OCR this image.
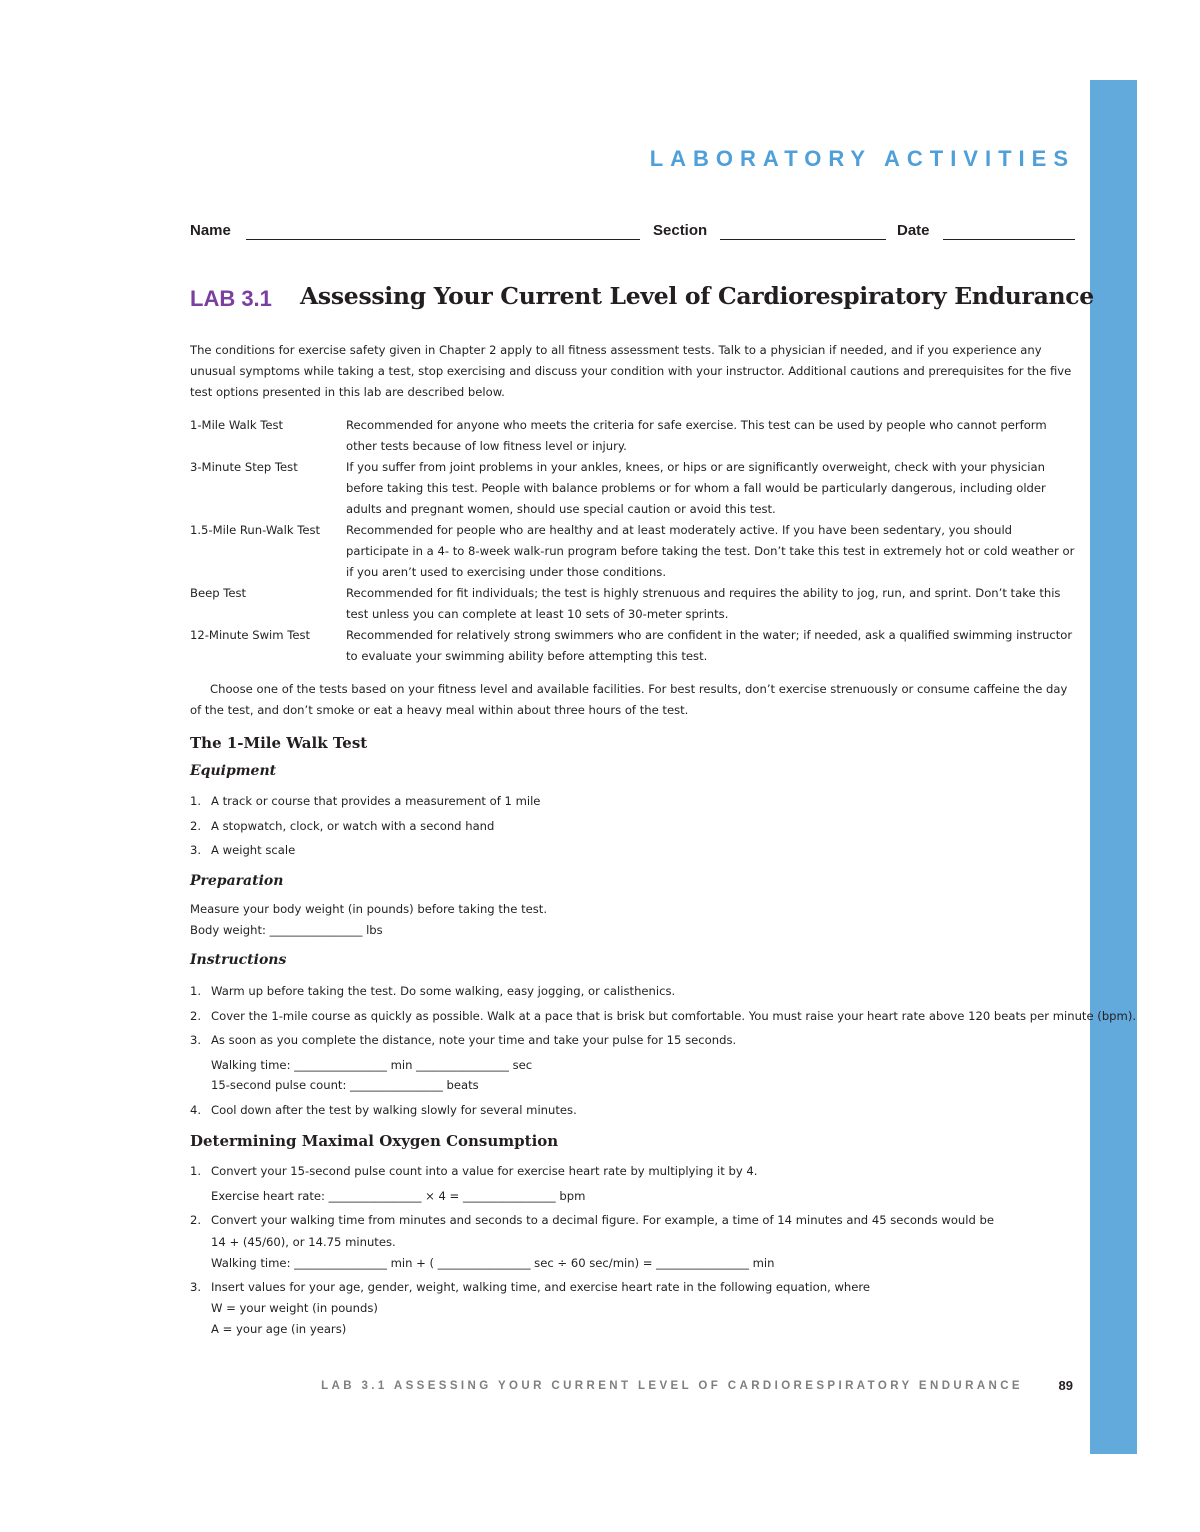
LABORATORY ACTIVITIES
Name	Section	Date
LAB 3.1 Assessing Your Current Level of Cardiorespiratory Endurance
The conditions for exercise safety given in Chapter 2 apply to all fitness assessment tests. Talk to a physician if needed, and if you experience any unusual symptoms while taking a test, stop exercising and discuss your condition with your instructor. Additional cautions and prerequisites for the five test options presented in this lab are described below.
1-Mile Walk Test	Recommended for anyone who meets the criteria for safe exercise. This test can be used by people who cannot perform other tests because of low fitness level or injury.
3-Minute Step Test	If you suffer from joint problems in your ankles, knees, or hips or are significantly overweight, check with your physician before taking this test. People with balance problems or for whom a fall would be particularly dangerous, including older adults and pregnant women, should use special caution or avoid this test.
1.5-Mile Run-Walk Test Recommended for people who are healthy and at least moderately active. If you have been sedentary, you should participate in a 4- to 8-week walk-run program before taking the test. Don’t take this test in extremely hot or cold weather or if you aren’t used to exercising under those conditions.
Beep Test	Recommended for fit individuals; the test is highly strenuous and requires the ability to jog, run, and sprint. Don’t take this test unless you can complete at least 10 sets of 30-meter sprints.
12-Minute Swim Test	Recommended for relatively strong swimmers who are confident in the water; if needed, ask a qualified swimming instructor to evaluate your swimming ability before attempting this test.
Choose one of the tests based on your fitness level and available facilities. For best results, don’t exercise strenuously or consume caffeine the day of the test, and don’t smoke or eat a heavy meal within about three hours of the test.
The 1-Mile Walk Test
Equipment
1. A track or course that provides a measurement of 1 mile
2. A stopwatch, clock, or watch with a second hand
3. A weight scale
Preparation
Measure your body weight (in pounds) before taking the test.
Body weight: ________________ lbs
Instructions
1. Warm up before taking the test. Do some walking, easy jogging, or calisthenics.
2. Cover the 1-mile course as quickly as possible. Walk at a pace that is brisk but comfortable. You must raise your heart rate above 120 beats per minute (bpm).
3. As soon as you complete the distance, note your time and take your pulse for 15 seconds.
Walking time: ________________ min ________________ sec
15-second pulse count: ________________ beats
4. Cool down after the test by walking slowly for several minutes.
Determining Maximal Oxygen Consumption
1. Convert your 15-second pulse count into a value for exercise heart rate by multiplying it by 4.
Exercise heart rate: ________________ × 4 = ________________ bpm
2. Convert your walking time from minutes and seconds to a decimal figure. For example, a time of 14 minutes and 45 seconds would be
14 + (45/60), or 14.75 minutes.
Walking time: ________________ min + ( ________________ sec ÷ 60 sec/min) = ________________ min
3. Insert values for your age, gender, weight, walking time, and exercise heart rate in the following equation, where
W = your weight (in pounds)
A = your age (in years)
LAB 3.1 ASSESSING YOUR CURRENT LEVEL OF CARDIORESPIRATORY ENDURANCE	89
